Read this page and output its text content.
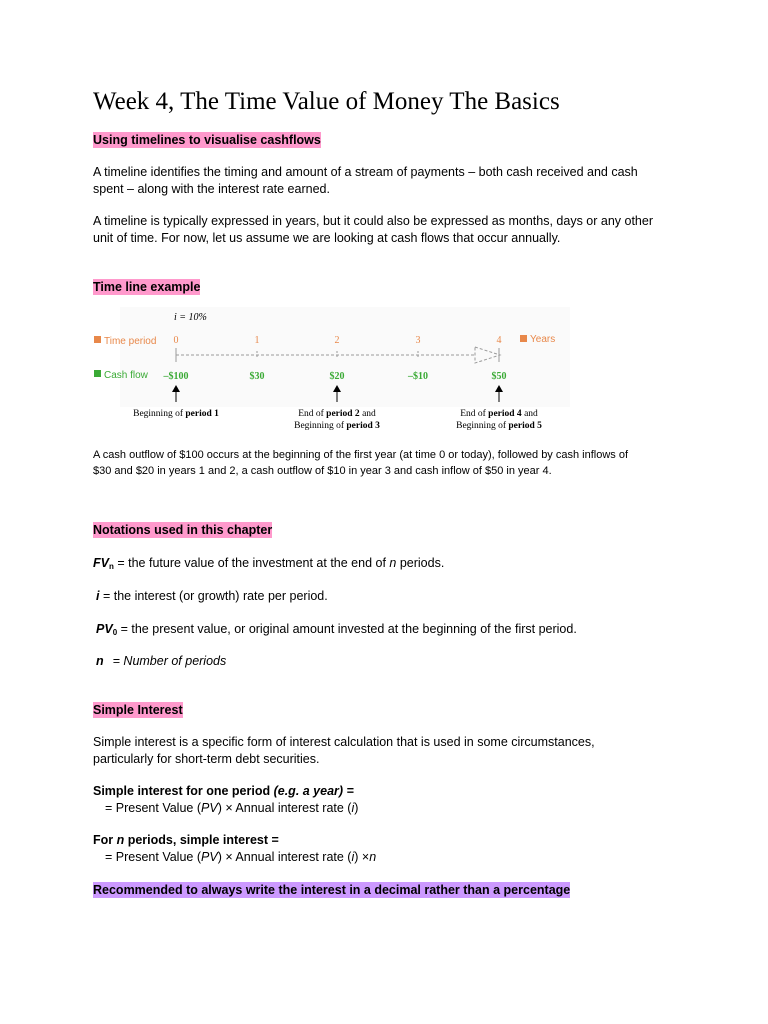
Week 4, The Time Value of Money The Basics
Using timelines to visualise cashflows

A timeline identifies the timing and amount of a stream of payments – both cash received and cash
spent – along with the interest rate earned.

A timeline is typically expressed in years, but it could also be expressed as months, days or any other
unit of time. For now, let us assume we are looking at cash flows that occur annually.

Time line example
i = 10%
Time period
Cash flow
Years
0	1	2	3	4
–$100	$30	$20	–$10	$50
Beginning of period 1	End of period 2 and
Beginning of period 3
End of period 4 and
Beginning of period 5

A cash outflow of $100 occurs at the beginning of the first year (at time 0 or today), followed by cash inflows of
$30 and $20 in years 1 and 2, a cash outflow of $10 in year 3 and cash inflow of $50 in year 4.

Notations used in this chapter
$FV_n$ = the future value of the investment at the end of n periods.
i = the interest (or growth) rate per period.
$PV_0$ = the present value, or original amount invested at the beginning of the first period.
n = Number of periods
Simple Interest

Simple interest is a specific form of interest calculation that is used in some circumstances,
particularly for short-term debt securities.

Simple interest for one period (e.g. a year) =
= Present Value (PV) × Annual interest rate (i)
For n periods, simple interest =
= Present Value (PV) × Annual interest rate (i) ×n
Recommended to always write the interest in a decimal rather than a percentage
